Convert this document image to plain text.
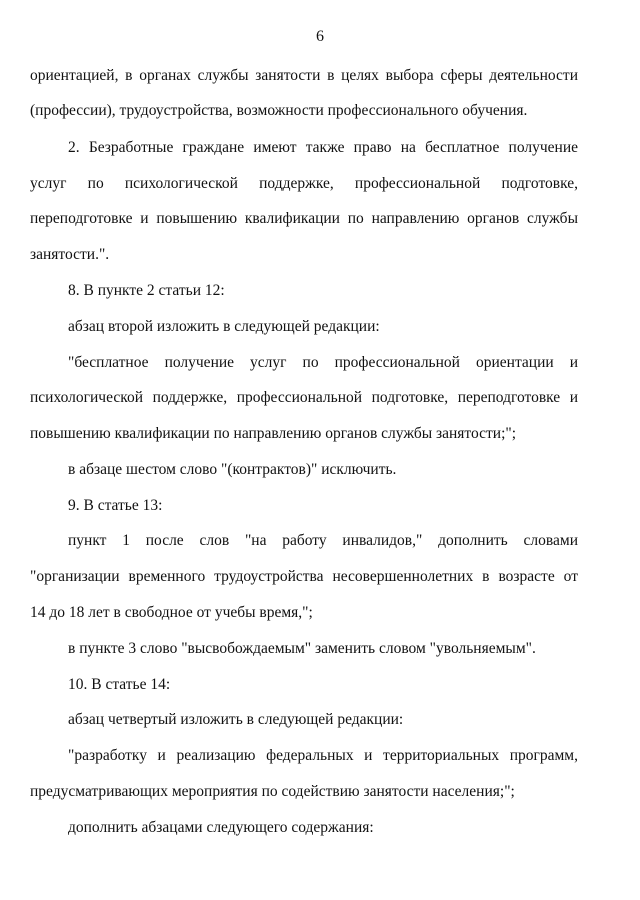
6
ориентацией, в органах службы занятости в целях выбора сферы деятельности
(профессии), трудоустройства, возможности профессионального обучения.
2. Безработные граждане имеют также право на бесплатное получение
услуг по психологической поддержке, профессиональной подготовке,
переподготовке и повышению квалификации по направлению органов службы
занятости.".
8. В пункте 2 статьи 12:
абзац второй изложить в следующей редакции:
"бесплатное получение услуг по профессиональной ориентации и
психологической поддержке, профессиональной подготовке, переподготовке и
повышению квалификации по направлению органов службы занятости;";
в абзаце шестом слово "(контрактов)" исключить.
9. В статье 13:
пункт 1 после слов "на работу инвалидов," дополнить словами
"организации временного трудоустройства несовершеннолетних в возрасте от
14 до 18 лет в свободное от учебы время,";
в пункте 3 слово "высвобождаемым" заменить словом "увольняемым".
10. В статье 14:
абзац четвертый изложить в следующей редакции:
"разработку и реализацию федеральных и территориальных программ,
предусматривающих мероприятия по содействию занятости населения;";
дополнить абзацами следующего содержания:
